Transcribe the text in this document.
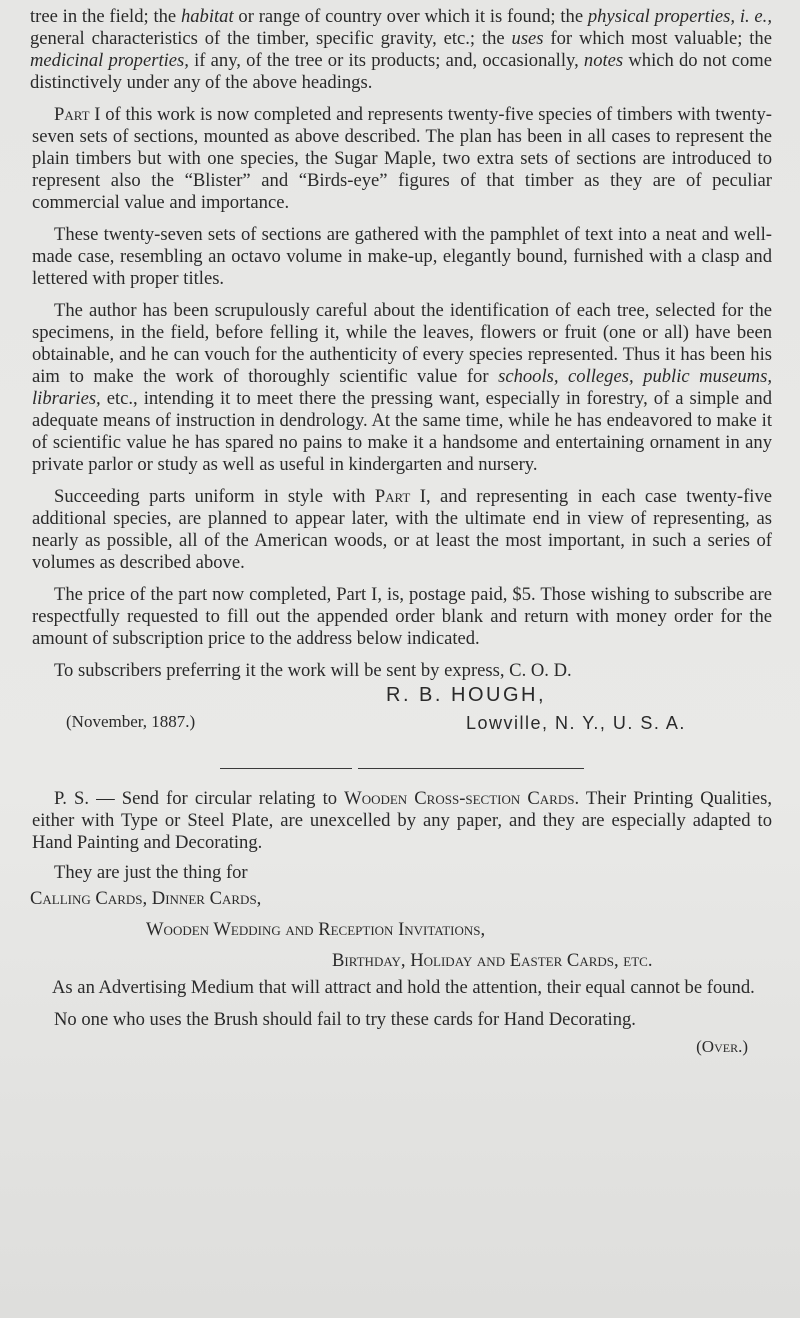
tree in the field; the habitat or range of country over which it is found; the physical properties, i. e., general characteristics of the timber, specific gravity, etc.; the uses for which most valuable; the medicinal properties, if any, of the tree or its products; and, occasionally, notes which do not come distinctively under any of the above headings.

Part I of this work is now completed and represents twenty-five species of timbers with twenty-seven sets of sections, mounted as above described. The plan has been in all cases to represent the plain timbers but with one species, the Sugar Maple, two extra sets of sections are introduced to represent also the “Blister” and “Birds-eye” figures of that timber as they are of peculiar commercial value and importance.

These twenty-seven sets of sections are gathered with the pamphlet of text into a neat and well-made case, resembling an octavo volume in make-up, elegantly bound, furnished with a clasp and lettered with proper titles.

The author has been scrupulously careful about the identification of each tree, selected for the specimens, in the field, before felling it, while the leaves, flowers or fruit (one or all) have been obtainable, and he can vouch for the authenticity of every species represented. Thus it has been his aim to make the work of thoroughly scientific value for schools, colleges, public museums, libraries, etc., intending it to meet there the pressing want, especially in forestry, of a simple and adequate means of instruction in dendrology. At the same time, while he has endeavored to make it of scientific value he has spared no pains to make it a handsome and entertaining ornament in any private parlor or study as well as useful in kindergarten and nursery.

Succeeding parts uniform in style with Part I, and representing in each case twenty-five additional species, are planned to appear later, with the ultimate end in view of representing, as nearly as possible, all of the American woods, or at least the most important, in such a series of volumes as described above.

The price of the part now completed, Part I, is, postage paid, $5. Those wishing to subscribe are respectfully requested to fill out the appended order blank and return with money order for the amount of subscription price to the address below indicated.

To subscribers preferring it the work will be sent by express, C. O. D.

R. B. HOUGH,
(November, 1887.)	Lowville, N. Y., U. S. A.

P. S. — Send for circular relating to Wooden Cross-section Cards. Their Printing Qualities, either with Type or Steel Plate, are unexcelled by any paper, and they are especially adapted to Hand Painting and Decorating.

They are just the thing for

Calling Cards, Dinner Cards,
Wooden Wedding and Reception Invitations,
Birthday, Holiday and Easter Cards, etc.

As an Advertising Medium that will attract and hold the attention, their equal cannot be found.

No one who uses the Brush should fail to try these cards for Hand Decorating.

(Over.)
